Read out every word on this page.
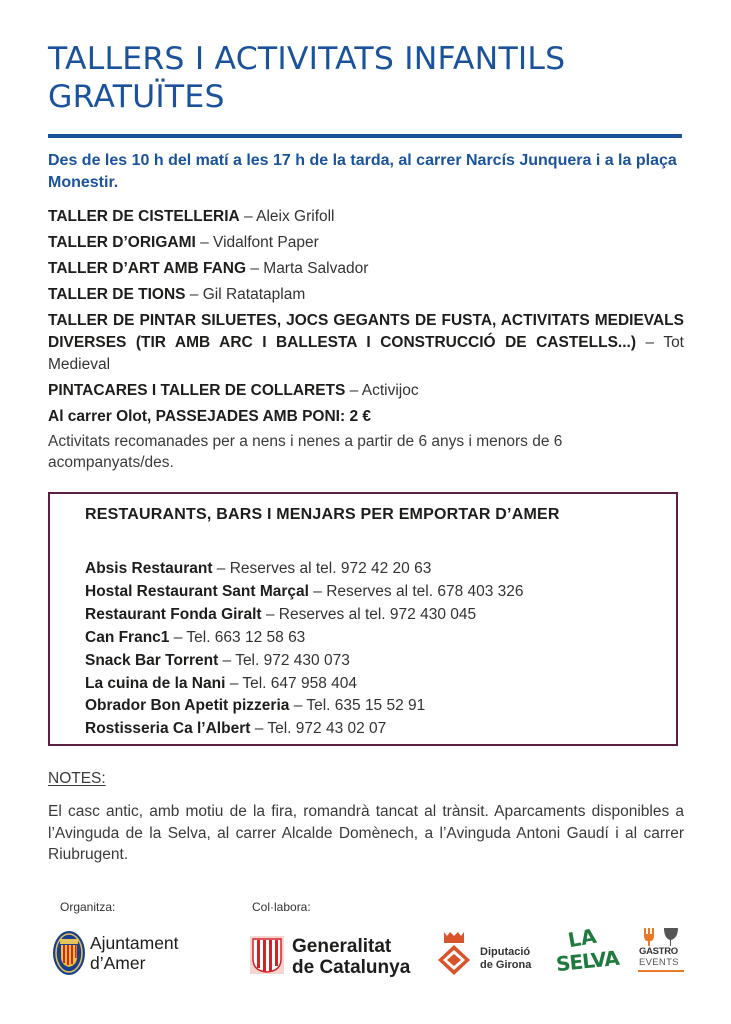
TALLERS I ACTIVITATS INFANTILS
GRATUÏTES
Des de les 10 h del matí a les 17 h de la tarda, al carrer Narcís Junquera i a la plaça Monestir.
TALLER DE CISTELLERIA – Aleix Grifoll
TALLER D’ORIGAMI – Vidalfont Paper
TALLER D’ART AMB FANG – Marta Salvador
TALLER DE TIONS – Gil Ratataplam
TALLER DE PINTAR SILUETES, JOCS GEGANTS DE FUSTA, ACTIVITATS MEDIEVALS DIVERSES (TIR AMB ARC I BALLESTA I CONSTRUCCIÓ DE CASTELLS...) – Tot Medieval
PINTACARES I TALLER DE COLLARETS – Activijoc
Al carrer Olot, PASSEJADES AMB PONI: 2 €
Activitats recomanades per a nens i nenes a partir de 6 anys i menors de 6 acompanyats/des.
RESTAURANTS, BARS I MENJARS PER EMPORTAR D’AMER
Absis Restaurant – Reserves al tel. 972 42 20 63
Hostal Restaurant Sant Marçal – Reserves al tel. 678 403 326
Restaurant Fonda Giralt – Reserves al tel. 972 430 045
Can Franc1 – Tel. 663 12 58 63
Snack Bar Torrent – Tel. 972 430 073
La cuina de la Nani – Tel. 647 958 404
Obrador Bon Apetit pizzeria – Tel. 635 15 52 91
Rostisseria Ca l’Albert – Tel. 972 43 02 07
NOTES:
El casc antic, amb motiu de la fira, romandrà tancat al trànsit. Aparcaments disponibles a l’Avinguda de la Selva, al carrer Alcalde Domènech, a l’Avinguda Antoni Gaudí i al carrer Riubrugent.
Organitza:	Col·labora:
Ajuntament
d’Amer
Generalitat
de Catalunya
Diputació
de Girona
LA
SELVA GASTRO
EVENTS
